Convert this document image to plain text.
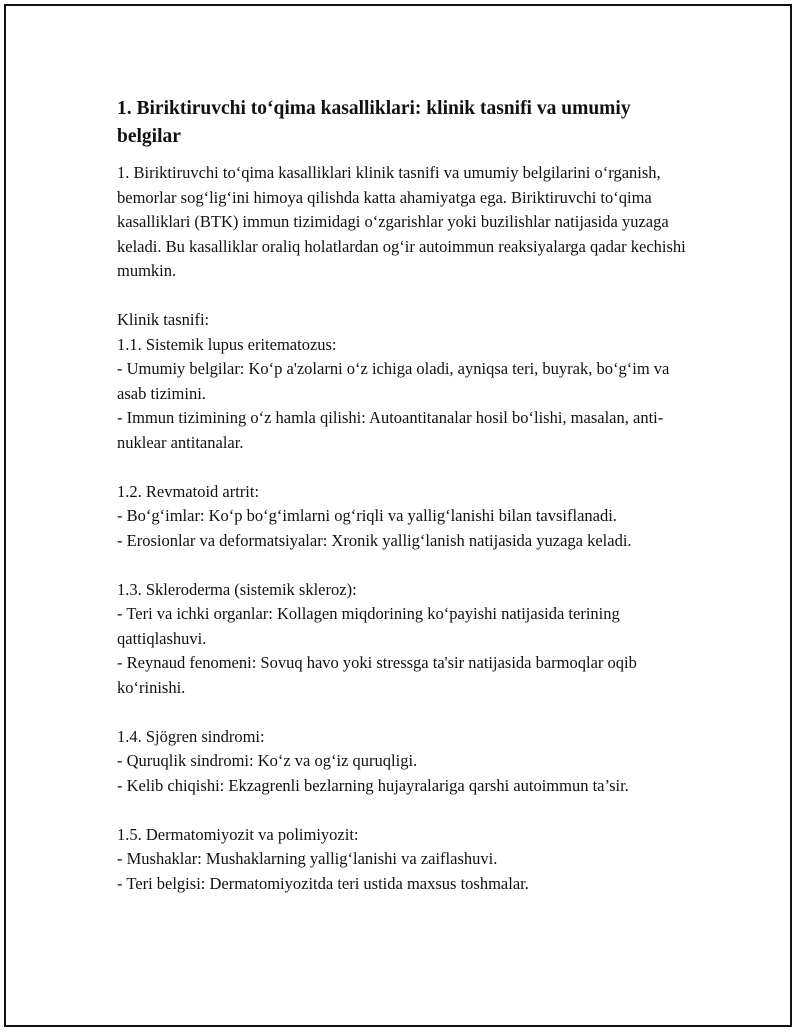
1. Biriktiruvchi to‘qima kasalliklari: klinik tasnifi va umumiy belgilar

1. Biriktiruvchi to‘qima kasalliklari klinik tasnifi va umumiy belgilarini o‘rganish, bemorlar sog‘lig‘ini himoya qilishda katta ahamiyatga ega. Biriktiruvchi to‘qima kasalliklari (BTK) immun tizimidagi o‘zgarishlar yoki buzilishlar natijasida yuzaga keladi. Bu kasalliklar oraliq holatlardan og‘ir autoimmun reaksiyalarga qadar kechishi mumkin.

Klinik tasnifi:

1.1. Sistemik lupus eritematozus:

- Umumiy belgilar: Ko‘p a'zolarni o‘z ichiga oladi, ayniqsa teri, buyrak, bo‘g‘im va asab tizimini.

- Immun tizimining o‘z hamla qilishi: Autoantitanalar hosil bo‘lishi, masalan, anti-nuklear antitanalar.

1.2. Revmatoid artrit:

- Bo‘g‘imlar: Ko‘p bo‘g‘imlarni og‘riqli va yallig‘lanishi bilan tavsiflanadi.

- Erosionlar va deformatsiyalar: Xronik yallig‘lanish natijasida yuzaga keladi.

1.3. Skleroderma (sistemik skleroz):

- Teri va ichki organlar: Kollagen miqdorining ko‘payishi natijasida terining qattiqlashuvi.

- Reynaud fenomeni: Sovuq havo yoki stressga ta'sir natijasida barmoqlar oqib ko‘rinishi.

1.4. Sjögren sindromi:

- Quruqlik sindromi: Ko‘z va og‘iz quruqligi.

- Kelib chiqishi: Ekzagrenli bezlarning hujayralariga qarshi autoimmun ta’sir.

1.5. Dermatomiyozit va polimiyozit:

- Mushaklar: Mushaklarning yallig‘lanishi va zaiflashuvi.

- Teri belgisi: Dermatomiyozitda teri ustida maxsus toshmalar.
